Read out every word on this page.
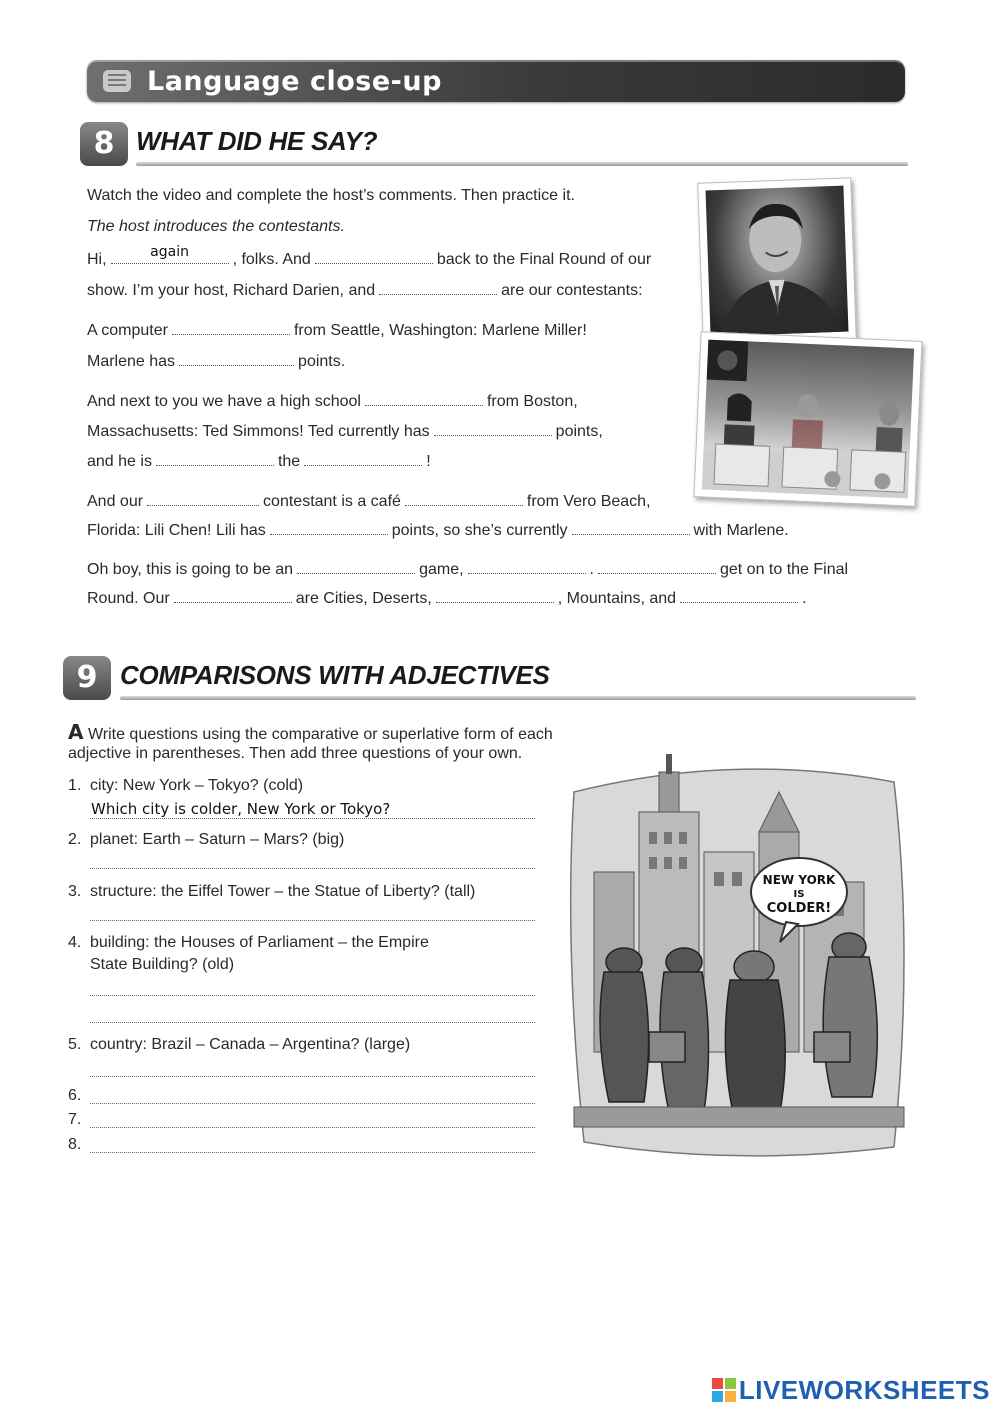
Language close-up
8 WHAT DID HE SAY?
Watch the video and complete the host’s comments. Then practice it.
The host introduces the contestants.
Hi,	again	, folks. And	back to the Final Round of our
show. I’m your host, Richard Darien, and	are our contestants:
A computer	from Seattle, Washington: Marlene Miller!
Marlene has	points.
And next to you we have a high school	from Boston,
Massachusetts: Ted Simmons! Ted currently has	points,
and he is	the	!
And our	contestant is a café	from Vero Beach,
Florida: Lili Chen! Lili has	points, so she’s currently	with Marlene.
Oh boy, this is going to be an	game,	.	get on to the Final
Round. Our	are Cities, Deserts,	, Mountains, and	.
9 COMPARISONS WITH ADJECTIVES
A Write questions using the comparative or superlative form of each
adjective in parentheses. Then add three questions of your own.
1. city: New York – Tokyo? (cold)
Which city is colder, New York or Tokyo?
2. planet: Earth – Saturn – Mars? (big)
3. structure: the Eiffel Tower – the Statue of Liberty? (tall)
4. building: the Houses of Parliament – the Empire
State Building? (old)
5. country: Brazil – Canada – Argentina? (large)
6.
7.
8.
NEW YORK
IS
COLDER!
LIVEWORKSHEETS
